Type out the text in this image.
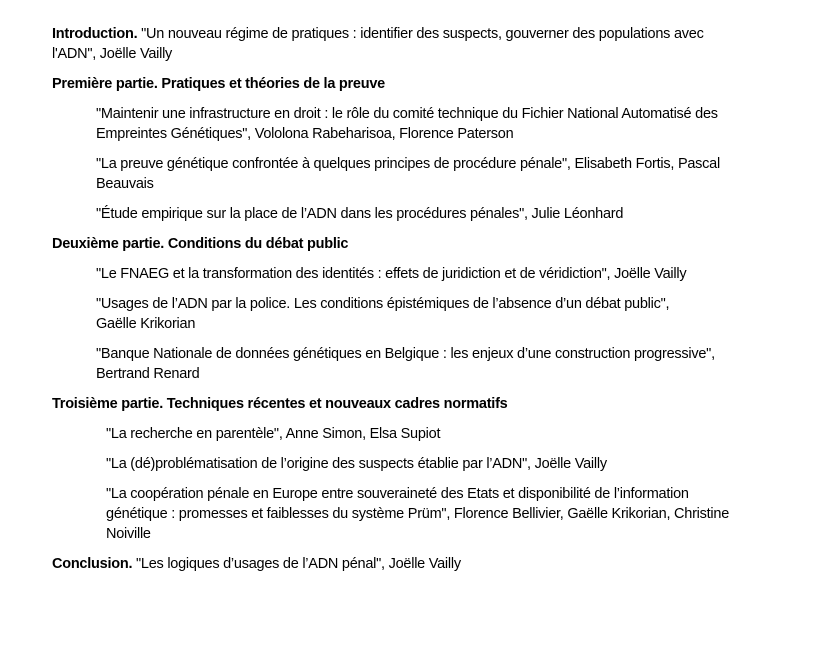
Introduction. "Un nouveau régime de pratiques : identifier des suspects, gouverner des populations avec l'ADN", Joëlle Vailly
Première partie. Pratiques et théories de la preuve
"Maintenir une infrastructure en droit : le rôle du comité technique du Fichier National Automatisé des Empreintes Génétiques", Vololona Rabeharisoa, Florence Paterson
"La preuve génétique confrontée à quelques principes de procédure pénale", Elisabeth Fortis, Pascal Beauvais
"Étude empirique sur la place de l’ADN dans les procédures pénales", Julie Léonhard
Deuxième partie. Conditions du débat public
"Le FNAEG et la transformation des identités : effets de juridiction et de véridiction", Joëlle Vailly
"Usages de l’ADN par la police. Les conditions épistémiques de l’absence d’un débat public", Gaëlle Krikorian
"Banque Nationale de données génétiques en Belgique : les enjeux d’une construction progressive", Bertrand Renard
Troisième partie. Techniques récentes et nouveaux cadres normatifs
"La recherche en parentèle", Anne Simon, Elsa Supiot
"La (dé)problématisation de l’origine des suspects établie par l’ADN", Joëlle Vailly
"La coopération pénale en Europe entre souveraineté des Etats et disponibilité de l’information génétique : promesses et faiblesses du système Prüm", Florence Bellivier, Gaëlle Krikorian, Christine Noiville
Conclusion. "Les logiques d’usages de l’ADN pénal", Joëlle Vailly
